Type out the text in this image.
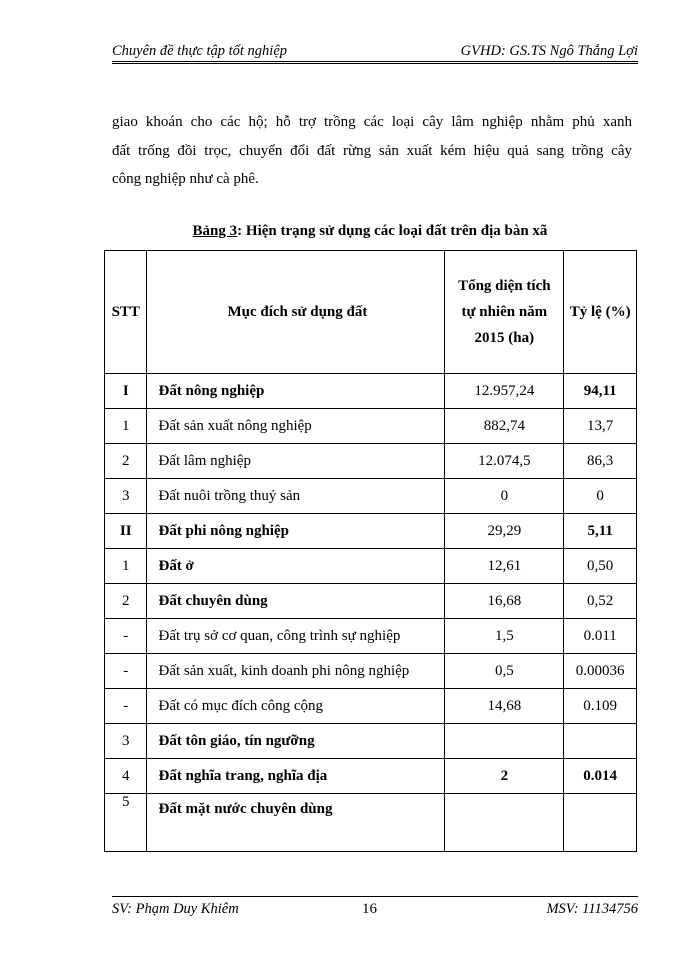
Chuyên đề thực tập tốt nghiệp	GVHD: GS.TS Ngô Thắng Lợi

giao khoán cho các hộ; hỗ trợ trồng các loại cây lâm nghiệp nhằm phủ xanh
đất trống đồi trọc, chuyển đổi đất rừng sản xuất kém hiệu quả sang trồng cây
công nghiệp như cà phê.

Bảng 3: Hiện trạng sử dụng các loại đất trên địa bàn xã
STT	Mục đích sử dụng đất	Tổng diện tích tự nhiên năm 2015 (ha)	Tỷ lệ (%)
I	Đất nông nghiệp	12.957,24	94,11
1	Đất sản xuất nông nghiệp	882,74	13,7
2	Đất lâm nghiệp	12.074,5	86,3
3	Đất nuôi trồng thuỷ sản	0	0
II	Đất phi nông nghiệp	29,29	5,11
1	Đất ở	12,61	0,50
2	Đất chuyên dùng	16,68	0,52
-	Đất trụ sở cơ quan, công trình sự nghiệp	1,5	0.011
-	Đất sản xuất, kinh doanh phi nông nghiệp	0,5	0.00036
-	Đất có mục đích công cộng	14,68	0.109
3	Đất tôn giáo, tín ngưỡng		
4	Đất nghĩa trang, nghĩa địa	2	0.014
5	Đất mặt nước chuyên dùng		
SV: Phạm Duy Khiêm	16	MSV: 11134756
